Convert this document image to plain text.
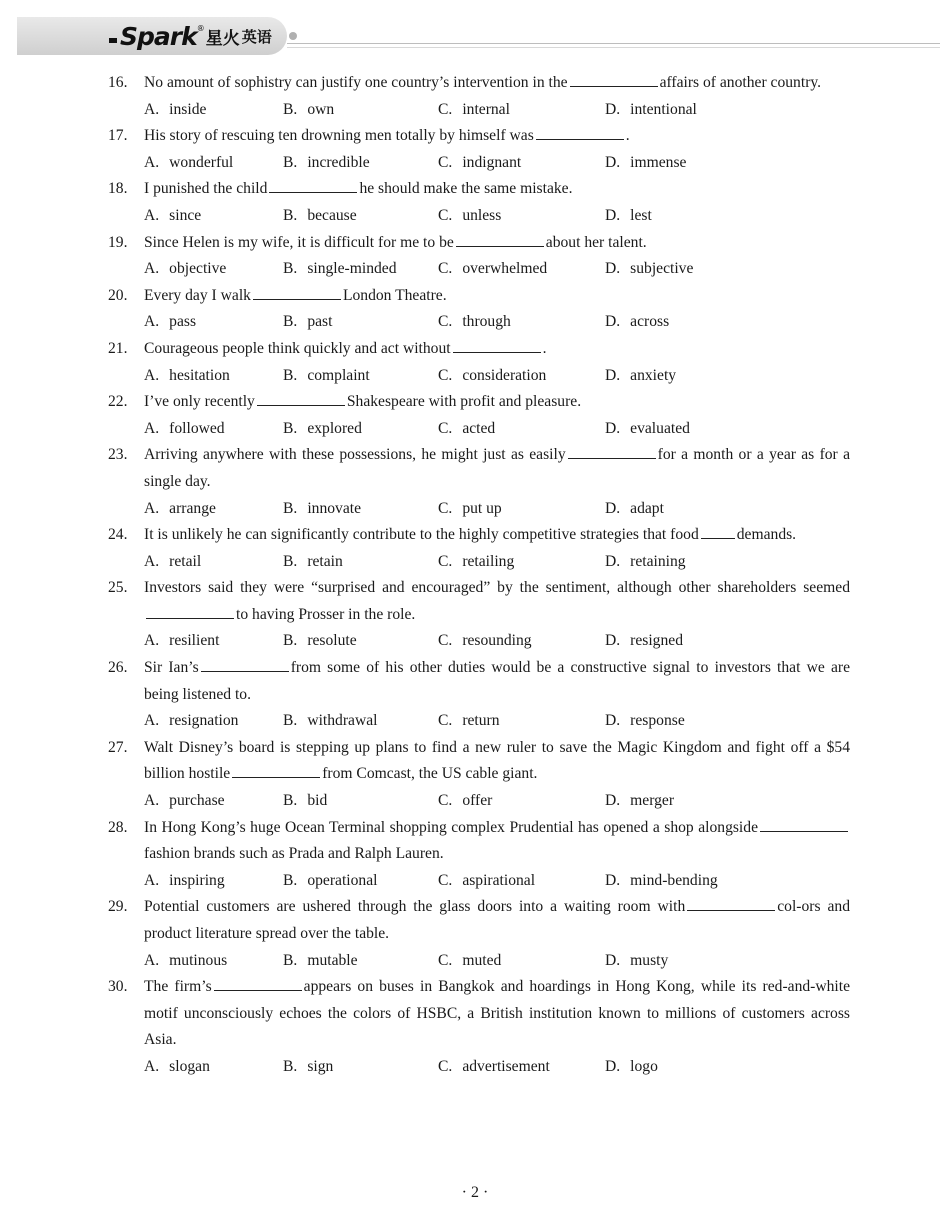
Spark ® 星火 英语
16.	No amount of sophistry can justify one country’s intervention in the	affairs of another country.
A. inside	B. own	C. internal	D. intentional
17.	His story of rescuing ten drowning men totally by himself was	.
A. wonderful	B. incredible	C. indignant	D. immense
18.	I punished the child	he should make the same mistake.
A. since	B. because	C. unless	D. lest
19.	Since Helen is my wife, it is difficult for me to be	about her talent.
A. objective	B. single-minded	C. overwhelmed	D. subjective
20.	Every day I walk	London Theatre.
A. pass	B. past	C. through	D. across
21.	Courageous people think quickly and act without	.
A. hesitation	B. complaint	C. consideration	D. anxiety
22.	I’ve only recently	Shakespeare with profit and pleasure.
A. followed	B. explored	C. acted	D. evaluated
23.	Arriving anywhere with these possessions, he might just as easily	for a month or a year as for a single day.
A. arrange	B. innovate	C. put up	D. adapt
24.	It is unlikely he can significantly contribute to the highly competitive strategies that food demands.
A. retail	B. retain	C. retailing	D. retaining
25.	Investors said they were “surprised and encouraged” by the sentiment, although other shareholders seemedto having Prosser in the role.
A. resilient	B. resolute	C. resounding	D. resigned
26.	Sir Ian’s	from some of his other duties would be a constructive signal to investors that we are being listened to.
A. resignation	B. withdrawal	C. return	D. response
27.	Walt Disney’s board is stepping up plans to find a new ruler to save the Magic Kingdom and fight off a $54 billion hostile	from Comcast, the US cable giant.
A. purchase	B. bid	C. offer	D. merger
28.	In Hong Kong’s huge Ocean Terminal shopping complex Prudential has opened a shop alongsidefashion brands such as Prada and Ralph Lauren.
A. inspiring	B. operational	C. aspirational	D. mind-bending
29.	Potential customers are ushered through the glass doors into a waiting room with	col-ors and product literature spread over the table.
A. mutinous	B. mutable	C. muted	D. musty
30.	The firm’s	appears on buses in Bangkok and hoardings in Hong Kong, while its red-and-white motif unconsciously echoes the colors of HSBC, a British institution known to millions of customers across Asia.
A. slogan	B. sign	C. advertisement	D. logo
· 2 ·
